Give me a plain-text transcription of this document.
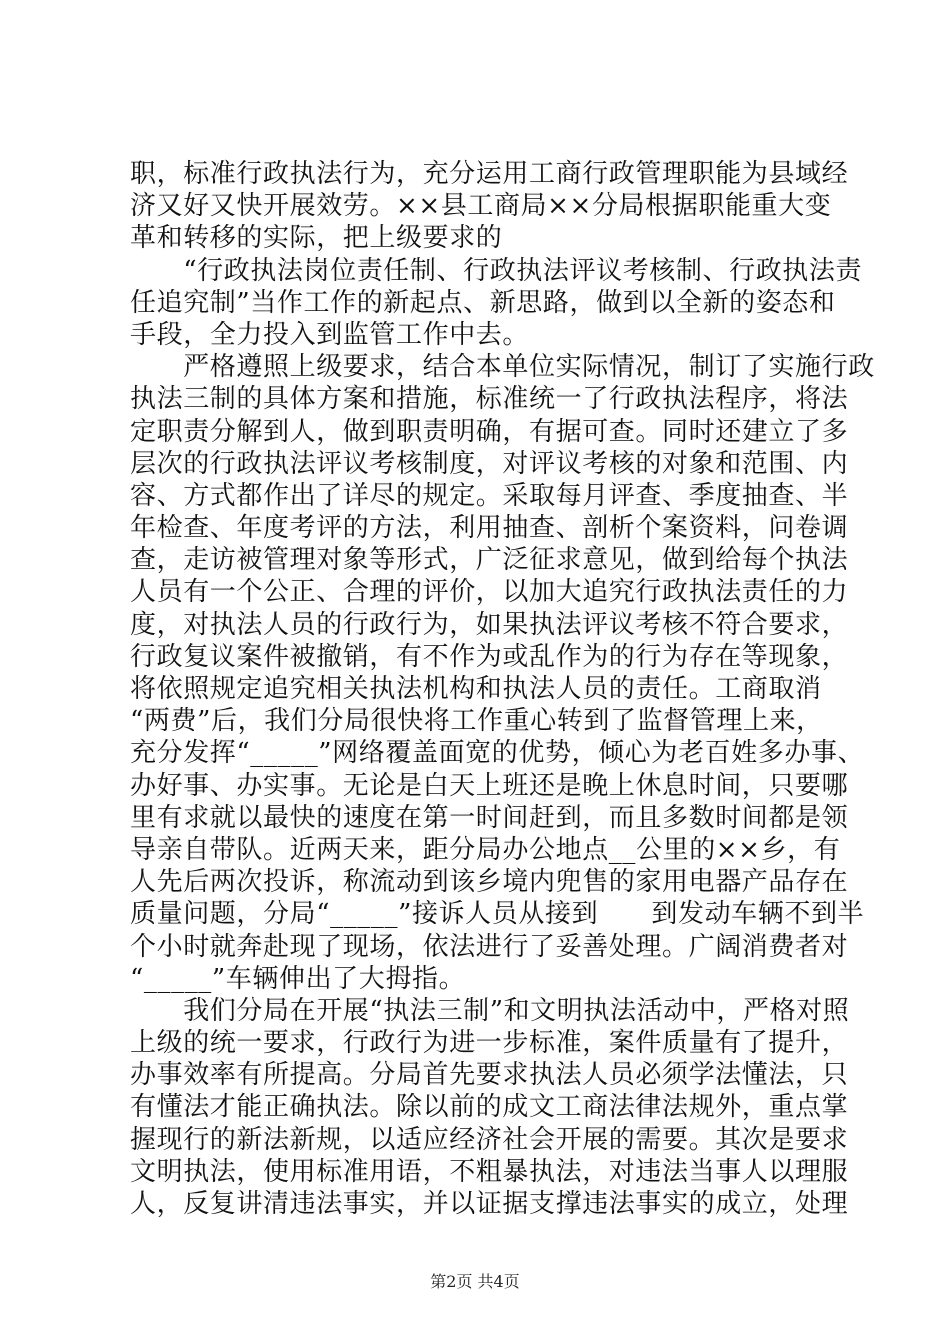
职，标准行政执法行为，充分运用工商行政管理职能为县域经
济又好又快开展效劳。××县工商局××分局根据职能重大变
革和转移的实际，把上级要求的
　　“行政执法岗位责任制、行政执法评议考核制、行政执法责
任追究制”当作工作的新起点、新思路，做到以全新的姿态和
手段，全力投入到监管工作中去。
　　严格遵照上级要求，结合本单位实际情况，制订了实施行政
执法三制的具体方案和措施，标准统一了行政执法程序，将法
定职责分解到人，做到职责明确，有据可查。同时还建立了多
层次的行政执法评议考核制度，对评议考核的对象和范围、内
容、方式都作出了详尽的规定。采取每月评查、季度抽查、半
年检查、年度考评的方法，利用抽查、剖析个案资料，问卷调
查，走访被管理对象等形式，广泛征求意见，做到给每个执法
人员有一个公正、合理的评价，以加大追究行政执法责任的力
度，对执法人员的行政行为，如果执法评议考核不符合要求，
行政复议案件被撤销，有不作为或乱作为的行为存在等现象，
将依照规定追究相关执法机构和执法人员的责任。工商取消
“两费”后，我们分局很快将工作重心转到了监督管理上来，
充分发挥“_____”网络覆盖面宽的优势，倾心为老百姓多办事、
办好事、办实事。无论是白天上班还是晚上休息时间，只要哪
里有求就以最快的速度在第一时间赶到，而且多数时间都是领
导亲自带队。近两天来，距分局办公地点__公里的××乡，有
人先后两次投诉，称流动到该乡境内兜售的家用电器产品存在
质量问题，分局“_____”接诉人员从接到　　到发动车辆不到半
个小时就奔赴现了现场，依法进行了妥善处理。广阔消费者对
“_____”车辆伸出了大拇指。
　　我们分局在开展“执法三制”和文明执法活动中，严格对照
上级的统一要求，行政行为进一步标准，案件质量有了提升，
办事效率有所提高。分局首先要求执法人员必须学法懂法，只
有懂法才能正确执法。除以前的成文工商法律法规外，重点掌
握现行的新法新规，以适应经济社会开展的需要。其次是要求
文明执法，使用标准用语，不粗暴执法，对违法当事人以理服
人，反复讲清违法事实，并以证据支撑违法事实的成立，处理
第2页 共4页
